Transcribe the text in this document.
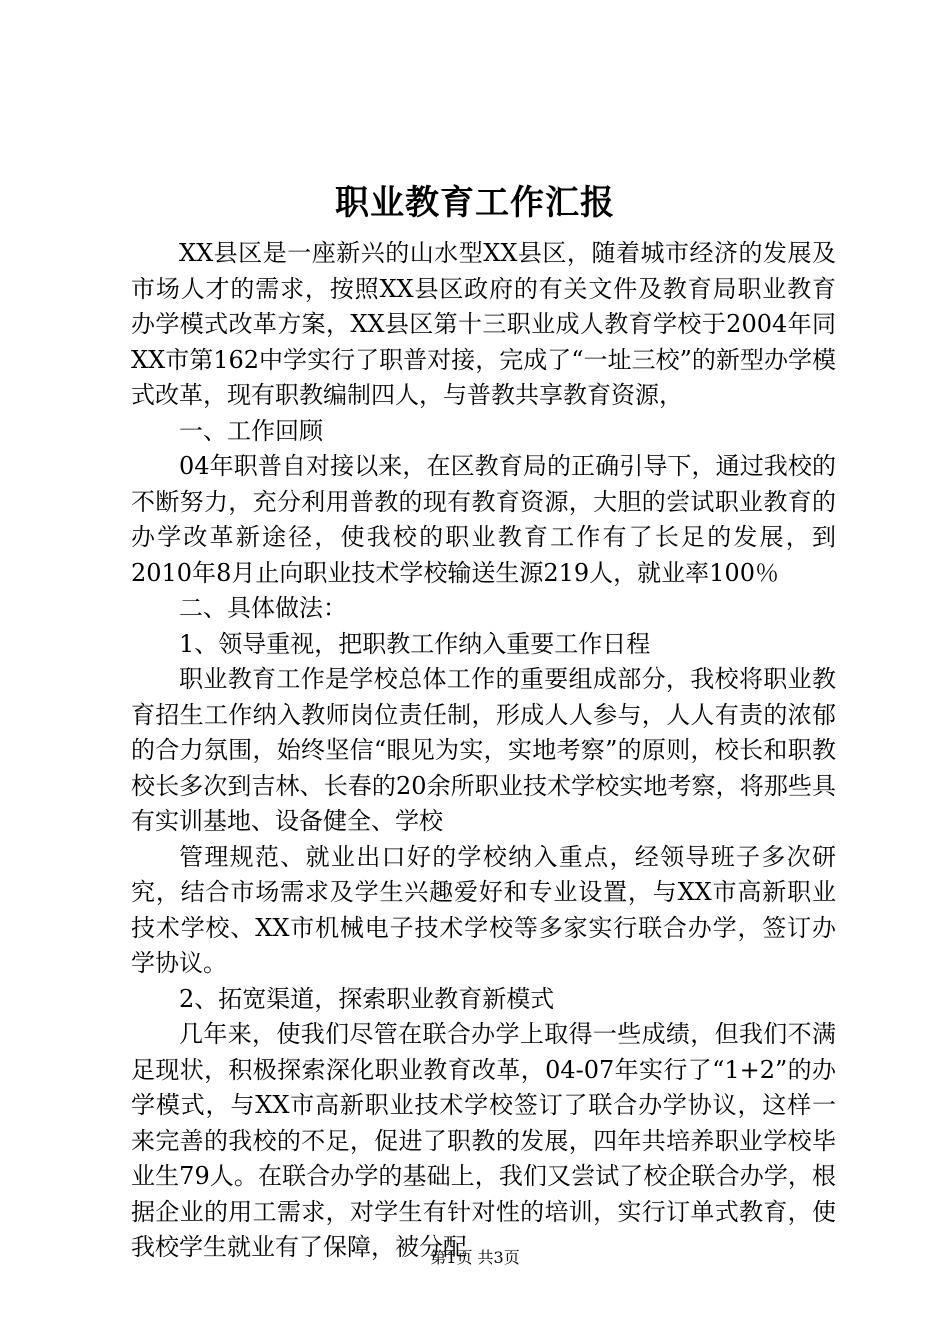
职业教育工作汇报

XX县区是一座新兴的山水型XX县区，随着城市经济的发展及市场人才的需求，按照XX县区政府的有关文件及教育局职业教育办学模式改革方案，XX县区第十三职业成人教育学校于2004年同XX市第162中学实行了职普对接，完成了“一址三校”的新型办学模式改革，现有职教编制四人，与普教共享教育资源，

一、工作回顾

04年职普自对接以来，在区教育局的正确引导下，通过我校的不断努力，充分利用普教的现有教育资源，大胆的尝试职业教育的办学改革新途径，使我校的职业教育工作有了长足的发展，到2010年8月止向职业技术学校输送生源219人，就业率100％

二、具体做法：

1、领导重视，把职教工作纳入重要工作日程

职业教育工作是学校总体工作的重要组成部分，我校将职业教育招生工作纳入教师岗位责任制，形成人人参与，人人有责的浓郁的合力氛围，始终坚信“眼见为实，实地考察”的原则，校长和职教校长多次到吉林、长春的20余所职业技术学校实地考察，将那些具有实训基地、设备健全、学校

管理规范、就业出口好的学校纳入重点，经领导班子多次研究，结合市场需求及学生兴趣爱好和专业设置，与XX市高新职业技术学校、XX市机械电子技术学校等多家实行联合办学，签订办学协议。

2、拓宽渠道，探索职业教育新模式

几年来，使我们尽管在联合办学上取得一些成绩，但我们不满足现状，积极探索深化职业教育改革，04-07年实行了“1+2”的办学模式，与XX市高新职业技术学校签订了联合办学协议，这样一来完善的我校的不足，促进了职教的发展，四年共培养职业学校毕业生79人。在联合办学的基础上，我们又尝试了校企联合办学，根据企业的用工需求，对学生有针对性的培训，实行订单式教育，使我校学生就业有了保障，被分配

第1页 共3页
